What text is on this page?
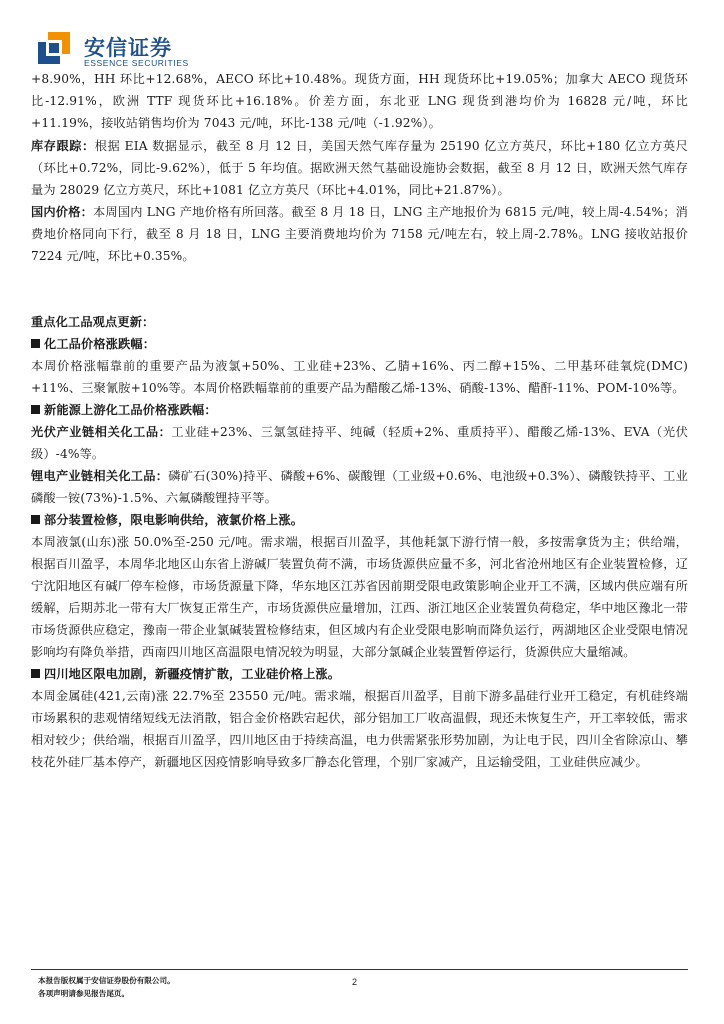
安信证券
ESSENCE SECURITIES

+8.90%，HH 环比+12.68%，AECO 环比+10.48%。现货方面，HH 现货环比+19.05%；加拿大 AECO 现货环比-12.91%，欧洲 TTF 现货环比+16.18%。价差方面，东北亚 LNG 现货到港均价为 16828 元/吨，环比+11.19%，接收站销售均价为 7043 元/吨，环比-138 元/吨（-1.92%）。

库存跟踪：根据 EIA 数据显示，截至 8 月 12 日，美国天然气库存量为 25190 亿立方英尺，环比+180 亿立方英尺（环比+0.72%，同比-9.62%），低于 5 年均值。据欧洲天然气基础设施协会数据，截至 8 月 12 日，欧洲天然气库存量为 28029 亿立方英尺，环比+1081 亿立方英尺（环比+4.01%，同比+21.87%）。

国内价格：本周国内 LNG 产地价格有所回落。截至 8 月 18 日，LNG 主产地报价为 6815 元/吨，较上周-4.54%；消费地价格同向下行，截至 8 月 18 日，LNG 主要消费地均价为 7158 元/吨左右，较上周-2.78%。LNG 接收站报价 7224 元/吨，环比+0.35%。

重点化工品观点更新：

化工品价格涨跌幅：

本周价格涨幅靠前的重要产品为液氯+50%、工业硅+23%、乙腈+16%、丙二醇+15%、二甲基环硅氧烷(DMC) +11%、三聚氰胺+10%等。本周价格跌幅靠前的重要产品为醋酸乙烯-13%、硝酸-13%、醋酐-11%、POM-10%等。

新能源上游化工品价格涨跌幅：

光伏产业链相关化工品：工业硅+23%、三氯氢硅持平、纯碱（轻质+2%、重质持平）、醋酸乙烯-13%、EVA（光伏级）-4%等。

锂电产业链相关化工品：磷矿石(30%)持平、磷酸+6%、碳酸锂（工业级+0.6%、电池级+0.3%）、磷酸铁持平、工业磷酸一铵(73%)-1.5%、六氟磷酸锂持平等。

部分装置检修，限电影响供给，液氯价格上涨。

本周液氯(山东)涨 50.0%至-250 元/吨。需求端，根据百川盈孚，其他耗氯下游行情一般，多按需拿货为主；供给端，根据百川盈孚，本周华北地区山东省上游碱厂装置负荷不满，市场货源供应量不多，河北省沧州地区有企业装置检修，辽宁沈阳地区有碱厂停车检修，市场货源量下降，华东地区江苏省因前期受限电政策影响企业开工不满，区域内供应端有所缓解，后期苏北一带有大厂恢复正常生产，市场货源供应量增加，江西、浙江地区企业装置负荷稳定，华中地区豫北一带市场货源供应稳定，豫南一带企业氯碱装置检修结束，但区域内有企业受限电影响而降负运行，两湖地区企业受限电情况影响均有降负举措，西南四川地区高温限电情况较为明显，大部分氯碱企业装置暂停运行，货源供应大量缩减。

四川地区限电加剧，新疆疫情扩散，工业硅价格上涨。

本周金属硅(421,云南)涨 22.7%至 23550 元/吨。需求端，根据百川盈孚，目前下游多晶硅行业开工稳定，有机硅终端市场累积的悲观情绪短线无法消散，铝合金价格跌宕起伏，部分铝加工厂收高温假，现还未恢复生产，开工率较低，需求相对较少；供给端，根据百川盈孚，四川地区由于持续高温，电力供需紧张形势加剧，为让电于民，四川全省除凉山、攀枝花外硅厂基本停产，新疆地区因疫情影响导致多厂静态化管理，个别厂家减产，且运输受阻，工业硅供应减少。

本报告版权属于安信证券股份有限公司。
各项声明请参见报告尾页。
2
